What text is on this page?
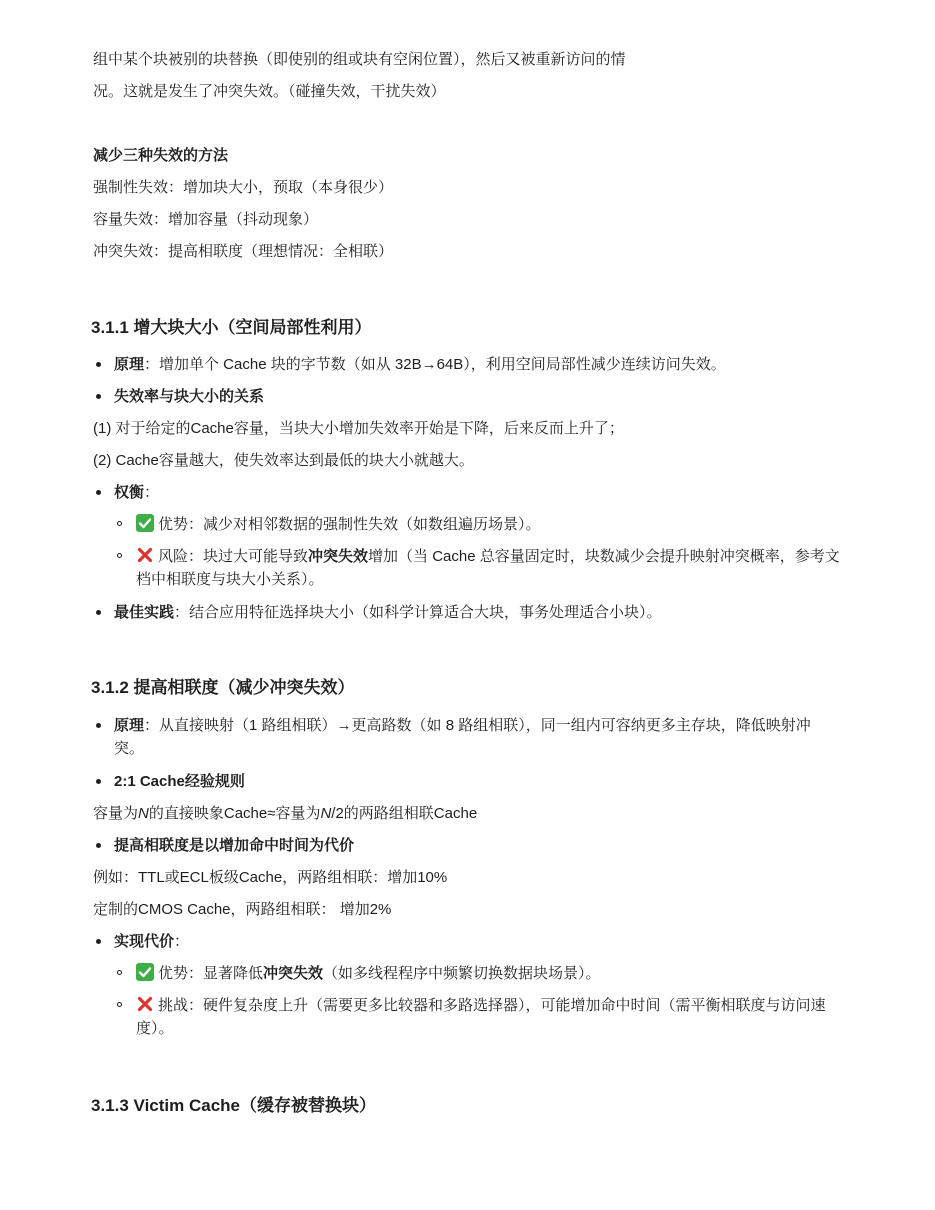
组中某个块被别的块替换（即使别的组或块有空闲位置），然后又被重新访问的情
况。这就是发生了冲突失效。（碰撞失效，干扰失效）
减少三种失效的方法
强制性失效：增加块大小，预取（本身很少）
容量失效：增加容量（抖动现象）
冲突失效：提高相联度（理想情况：全相联）
3.1.1 增大块大小（空间局部性利用）
原理：增加单个 Cache 块的字节数（如从 32B→64B），利用空间局部性减少连续访问失效。
失效率与块大小的关系
(1) 对于给定的Cache容量，当块大小增加失效率开始是下降，后来反而上升了；
(2) Cache容量越大，使失效率达到最低的块大小就越大。
权衡：
优势：减少对相邻数据的强制性失效（如数组遍历场景）。
风险：块过大可能导致冲突失效增加（当 Cache 总容量固定时，块数减少会提升映射冲突概率，参考文档中相联度与块大小关系）。
最佳实践：结合应用特征选择块大小（如科学计算适合大块，事务处理适合小块）。
3.1.2 提高相联度（减少冲突失效）
原理：从直接映射（1 路组相联）→更高路数（如 8 路组相联），同一组内可容纳更多主存块，降低映射冲突。
2:1 Cache经验规则
容量为N的直接映象Cache≈容量为N/2的两路组相联Cache
提高相联度是以增加命中时间为代价
例如：TTL或ECL板级Cache，两路组相联：增加10%
定制的CMOS Cache，两路组相联： 增加2%
实现代价：
优势：显著降低冲突失效（如多线程程序中频繁切换数据块场景）。
挑战：硬件复杂度上升（需要更多比较器和多路选择器），可能增加命中时间（需平衡相联度与访问速度）。
3.1.3 Victim Cache（缓存被替换块）
